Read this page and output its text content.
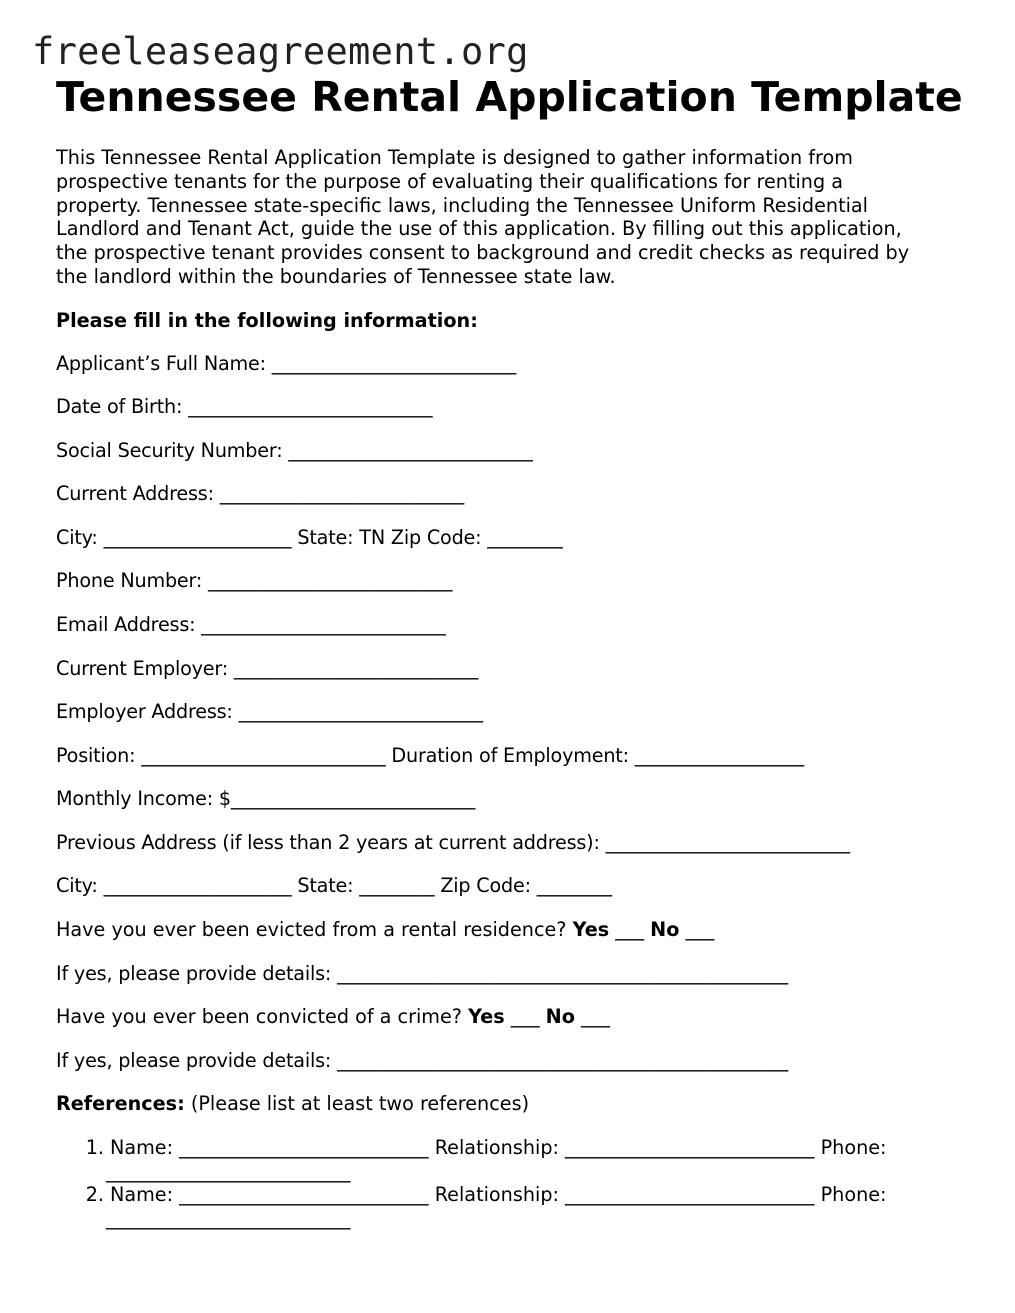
freeleaseagreement.org
Tennessee Rental Application Template
This Tennessee Rental Application Template is designed to gather information from
prospective tenants for the purpose of evaluating their qualifications for renting a
property. Tennessee state-specific laws, including the Tennessee Uniform Residential
Landlord and Tenant Act, guide the use of this application. By filling out this application,
the prospective tenant provides consent to background and credit checks as required by
the landlord within the boundaries of Tennessee state law.
Please fill in the following information:
Applicant’s Full Name: __________________________
Date of Birth: __________________________
Social Security Number: __________________________
Current Address: __________________________
City: ____________________ State: TN Zip Code: ________
Phone Number: __________________________
Email Address: __________________________
Current Employer: __________________________
Employer Address: __________________________
Position: __________________________ Duration of Employment: __________________
Monthly Income: $__________________________
Previous Address (if less than 2 years at current address): __________________________
City: ____________________ State: ________ Zip Code: ________
Have you ever been evicted from a rental residence? Yes ___ No ___
If yes, please provide details: ________________________________________________
Have you ever been convicted of a crime? Yes ___ No ___
If yes, please provide details: ________________________________________________
References: (Please list at least two references)
1. Name: __________________________ Relationship: __________________________ Phone:
__________________________
2. Name: __________________________ Relationship: __________________________ Phone:
__________________________
